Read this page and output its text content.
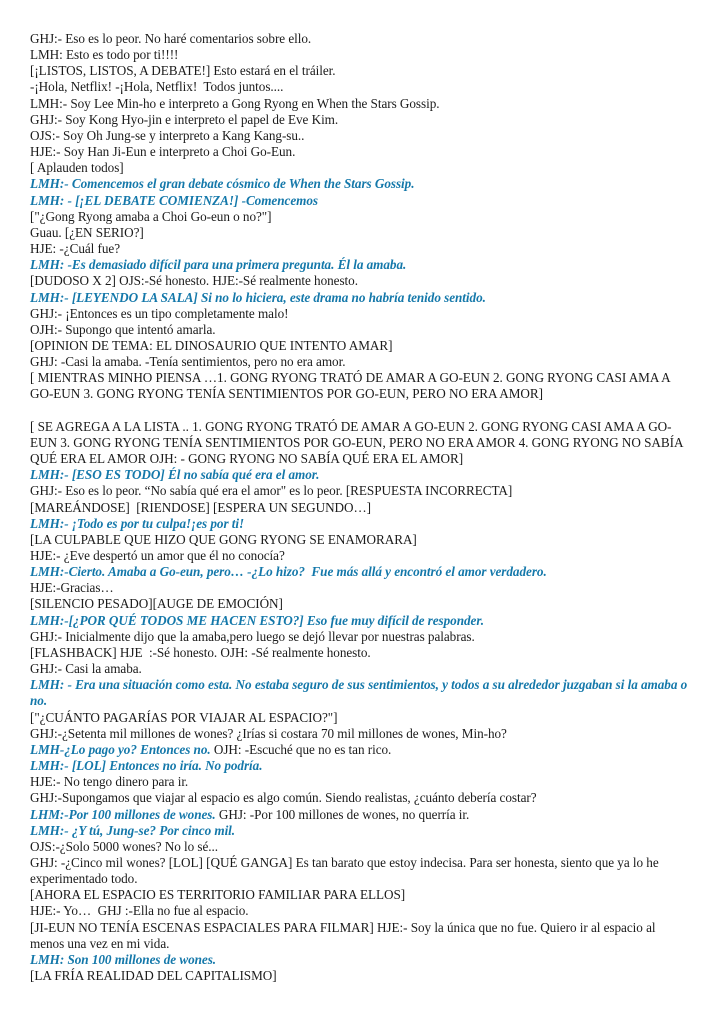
GHJ:- Eso es lo peor. No haré comentarios sobre ello.
LMH: Esto es todo por ti!!!!
[¡LISTOS, LISTOS, A DEBATE!] Esto estará en el tráiler.
-¡Hola, Netflix! -¡Hola, Netflix!  Todos juntos....
LMH:- Soy Lee Min-ho e interpreto a Gong Ryong en When the Stars Gossip.
GHJ:- Soy Kong Hyo-jin e interpreto el papel de Eve Kim.
OJS:- Soy Oh Jung-se y interpreto a Kang Kang-su..
HJE:- Soy Han Ji-Eun e interpreto a Choi Go-Eun.
[ Aplauden todos]
LMH:- Comencemos el gran debate cósmico de When the Stars Gossip.
LMH: - [¡EL DEBATE COMIENZA!] -Comencemos
["¿Gong Ryong amaba a Choi Go-eun o no?"]
Guau. [¿EN SERIO?]
HJE: -¿Cuál fue?
LMH: -Es demasiado difícil para una primera pregunta. Él la amaba.
[DUDOSO X 2] OJS:-Sé honesto. HJE:-Sé realmente honesto.
LMH:- [LEYENDO LA SALA] Si no lo hiciera, este drama no habría tenido sentido.
GHJ:- ¡Entonces es un tipo completamente malo!
OJH:- Supongo que intentó amarla.
[OPINION DE TEMA: EL DINOSAURIO QUE INTENTO AMAR]
GHJ: -Casi la amaba. -Tenía sentimientos, pero no era amor.
[ MIENTRAS MINHO PIENSA …1. GONG RYONG TRATÓ DE AMAR A GO-EUN 2. GONG RYONG CASI AMA A GO-EUN 3. GONG RYONG TENÍA SENTIMIENTOS POR GO-EUN, PERO NO ERA AMOR]

[ SE AGREGA A LA LISTA .. 1. GONG RYONG TRATÓ DE AMAR A GO-EUN 2. GONG RYONG CASI AMA A GO-EUN 3. GONG RYONG TENÍA SENTIMIENTOS POR GO-EUN, PERO NO ERA AMOR 4. GONG RYONG NO SABÍA QUÉ ERA EL AMOR OJH: - GONG RYONG NO SABÍA QUÉ ERA EL AMOR]
LMH:- [ESO ES TODO] Él no sabía qué era el amor.
GHJ:- Eso es lo peor. “No sabía qué era el amor" es lo peor. [RESPUESTA INCORRECTA]
[MAREÁNDOSE]  [RIENDOSE] [ESPERA UN SEGUNDO…]
LMH:- ¡Todo es por tu culpa!¡es por ti!
[LA CULPABLE QUE HIZO QUE GONG RYONG SE ENAMORARA]
HJE:- ¿Eve despertó un amor que él no conocía?
LMH:-Cierto. Amaba a Go-eun, pero… -¿Lo hizo?  Fue más allá y encontró el amor verdadero.
HJE:-Gracias…
[SILENCIO PESADO][AUGE DE EMOCIÓN]
LMH:-[¿POR QUÉ TODOS ME HACEN ESTO?] Eso fue muy difícil de responder.
GHJ:- Inicialmente dijo que la amaba,pero luego se dejó llevar por nuestras palabras.
[FLASHBACK] HJE  :-Sé honesto. OJH: -Sé realmente honesto.
GHJ:- Casi la amaba.
LMH: - Era una situación como esta. No estaba seguro de sus sentimientos, y todos a su alrededor juzgaban si la amaba o no.
["¿CUÁNTO PAGARÍAS POR VIAJAR AL ESPACIO?"]
GHJ:-¿Setenta mil millones de wones? ¿Irías si costara 70 mil millones de wones, Min-ho?
LMH-¿Lo pago yo? Entonces no. OJH: -Escuché que no es tan rico.
LMH:- [LOL] Entonces no iría. No podría.
HJE:- No tengo dinero para ir.
GHJ:-Supongamos que viajar al espacio es algo común. Siendo realistas, ¿cuánto debería costar?
LHM:-Por 100 millones de wones. GHJ: -Por 100 millones de wones, no querría ir.
LMH:- ¿Y tú, Jung-se? Por cinco mil.
OJS:-¿Solo 5000 wones? No lo sé...
GHJ: -¿Cinco mil wones? [LOL] [QUÉ GANGA] Es tan barato que estoy indecisa. Para ser honesta, siento que ya lo he experimentado todo.
[AHORA EL ESPACIO ES TERRITORIO FAMILIAR PARA ELLOS]
HJE:- Yo…  GHJ :-Ella no fue al espacio.
[JI-EUN NO TENÍA ESCENAS ESPACIALES PARA FILMAR] HJE:- Soy la única que no fue. Quiero ir al espacio al menos una vez en mi vida.
LMH: Son 100 millones de wones.
[LA FRÍA REALIDAD DEL CAPITALISMO]
